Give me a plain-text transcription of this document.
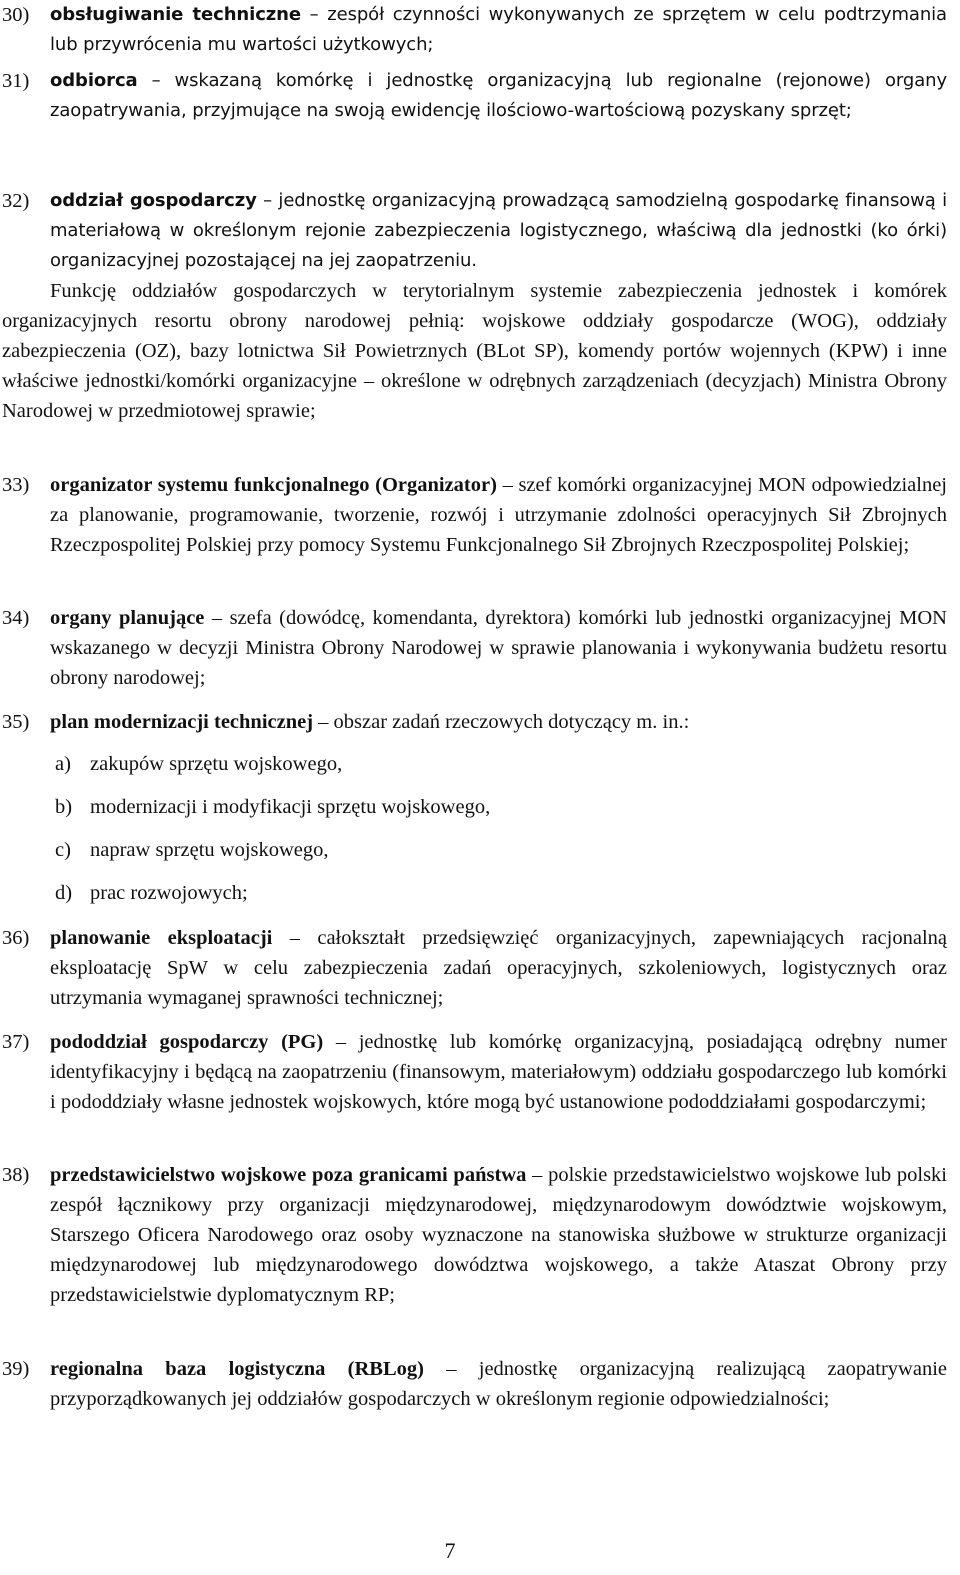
30)	obsługiwanie techniczne – zespół czynności wykonywanych ze sprzętem w celu podtrzymania lub przywrócenia mu wartości użytkowych;
31)	odbiorca – wskazaną komórkę i jednostkę organizacyjną lub regionalne (rejonowe) organy zaopatrywania, przyjmujące na swoją ewidencję ilościowo-wartościową pozyskany sprzęt;
32)	oddział gospodarczy – jednostkę organizacyjną prowadzącą samodzielną gospodarkę finansową i materiałową w określonym rejonie zabezpieczenia logistycznego, właściwą dla jednostki (ko órki) organizacyjnej pozostającej na jej zaopatrzeniu.

Funkcję oddziałów gospodarczych w terytorialnym systemie zabezpieczenia jednostek i komórek organizacyjnych resortu obrony narodowej pełnią: wojskowe oddziały gospodarcze (WOG), oddziały zabezpieczenia (OZ), bazy lotnictwa Sił Powietrznych (BLot SP), komendy portów wojennych (KPW) i inne właściwe jednostki/komórki organizacyjne – określone w odrębnych zarządzeniach (decyzjach) Ministra Obrony Narodowej w przedmiotowej sprawie;

33)	organizator systemu funkcjonalnego (Organizator) – szef komórki organizacyjnej MON odpowiedzialnej za planowanie, programowanie, tworzenie, rozwój i utrzymanie zdolności operacyjnych Sił Zbrojnych Rzeczpospolitej Polskiej przy pomocy Systemu Funkcjonalnego Sił Zbrojnych Rzeczpospolitej Polskiej;
34)	organy planujące – szefa (dowódcę, komendanta, dyrektora) komórki lub jednostki organizacyjnej MON wskazanego w decyzji Ministra Obrony Narodowej w sprawie planowania i wykonywania budżetu resortu obrony narodowej;
35)	plan modernizacji technicznej – obszar zadań rzeczowych dotyczący m. in.:
a) zakupów sprzętu wojskowego,
b) modernizacji i modyfikacji sprzętu wojskowego,
c) napraw sprzętu wojskowego,
d) prac rozwojowych;
36)	planowanie eksploatacji – całokształt przedsięwzięć organizacyjnych, zapewniających racjonalną eksploatację SpW w celu zabezpieczenia zadań operacyjnych, szkoleniowych, logistycznych oraz utrzymania wymaganej sprawności technicznej;
37)	pododdział gospodarczy (PG) – jednostkę lub komórkę organizacyjną, posiadającą odrębny numer identyfikacyjny i będącą na zaopatrzeniu (finansowym, materiałowym) oddziału gospodarczego lub komórki i pododdziały własne jednostek wojskowych, które mogą być ustanowione pododdziałami gospodarczymi;
38)	przedstawicielstwo wojskowe poza granicami państwa – polskie przedstawicielstwo wojskowe lub polski zespół łącznikowy przy organizacji międzynarodowej, międzynarodowym dowództwie wojskowym, Starszego Oficera Narodowego oraz osoby wyznaczone na stanowiska służbowe w strukturze organizacji międzynarodowej lub międzynarodowego dowództwa wojskowego, a także Ataszat Obrony przy przedstawicielstwie dyplomatycznym RP;
39)	regionalna baza logistyczna (RBLog) – jednostkę organizacyjną realizującą zaopatrywanie przyporządkowanych jej oddziałów gospodarczych w określonym regionie odpowiedzialności;
7
